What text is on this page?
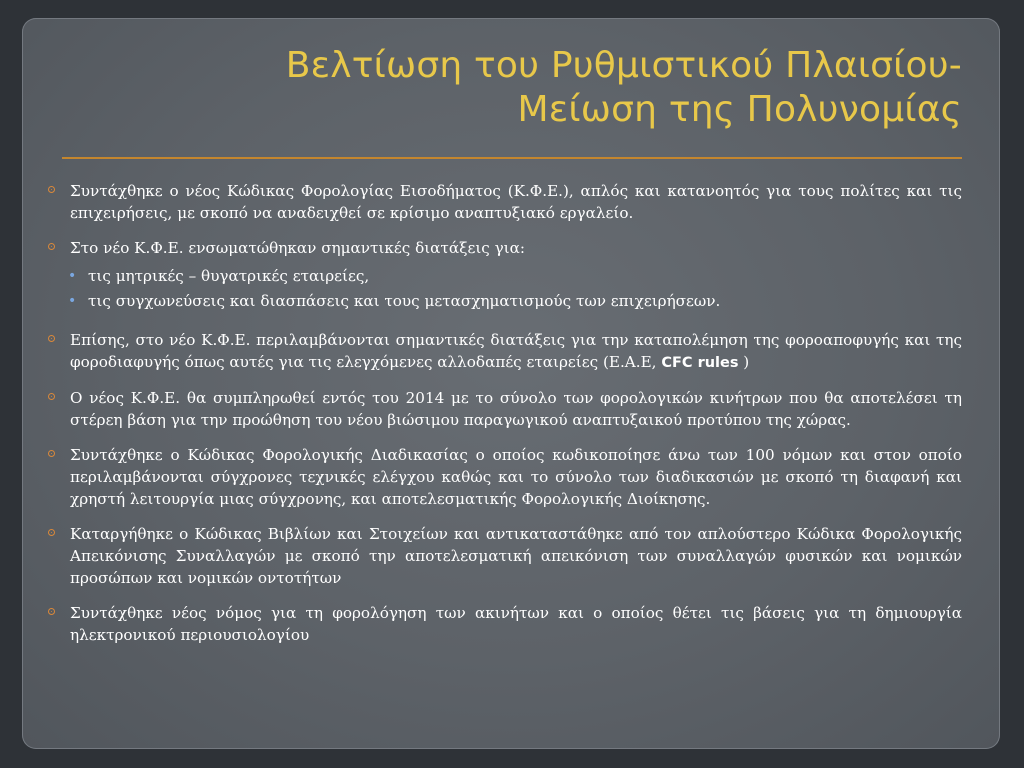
Βελτίωση του Ρυθμιστικού Πλαισίου-
Μείωση της Πολυνομίας
Συντάχθηκε ο νέος Κώδικας Φορολογίας Εισοδήματος (Κ.Φ.Ε.), απλός και κατανοητός για τους πολίτες και τις επιχειρήσεις, με σκοπό να αναδειχθεί σε κρίσιμο αναπτυξιακό εργαλείο.
Στο νέο Κ.Φ.Ε. ενσωματώθηκαν σημαντικές διατάξεις για:
• τις μητρικές – θυγατρικές εταιρείες,
• τις συγχωνεύσεις και διασπάσεις και τους μετασχηματισμούς των επιχειρήσεων.
Επίσης, στο νέο Κ.Φ.Ε. περιλαμβάνονται σημαντικές διατάξεις για την καταπολέμηση της φοροαποφυγής και της φοροδιαφυγής όπως αυτές για τις ελεγχόμενες αλλοδαπές εταιρείες (Ε.Α.Ε, CFC rules )
Ο νέος Κ.Φ.Ε. θα συμπληρωθεί εντός του 2014 με το σύνολο των φορολογικών κινήτρων που θα αποτελέσει τη στέρεη βάση για την προώθηση του νέου βιώσιμου παραγωγικού αναπτυξαικού προτύπου της χώρας.
Συντάχθηκε ο Κώδικας Φορολογικής Διαδικασίας ο οποίος κωδικοποίησε άνω των 100 νόμων και στον οποίο περιλαμβάνονται σύγχρονες τεχνικές ελέγχου καθώς και το σύνολο των διαδικασιών με σκοπό τη διαφανή και χρηστή λειτουργία μιας σύγχρονης, και αποτελεσματικής Φορολογικής Διοίκησης.
Καταργήθηκε ο Κώδικας Βιβλίων και Στοιχείων και αντικαταστάθηκε από τον απλούστερο Κώδικα Φορολογικής Απεικόνισης Συναλλαγών με σκοπό την αποτελεσματική απεικόνιση των συναλλαγών φυσικών και νομικών προσώπων και νομικών οντοτήτων
Συντάχθηκε νέος νόμος για τη φορολόγηση των ακινήτων και ο οποίος θέτει τις βάσεις για τη δημιουργία ηλεκτρονικού περιουσιολογίου
